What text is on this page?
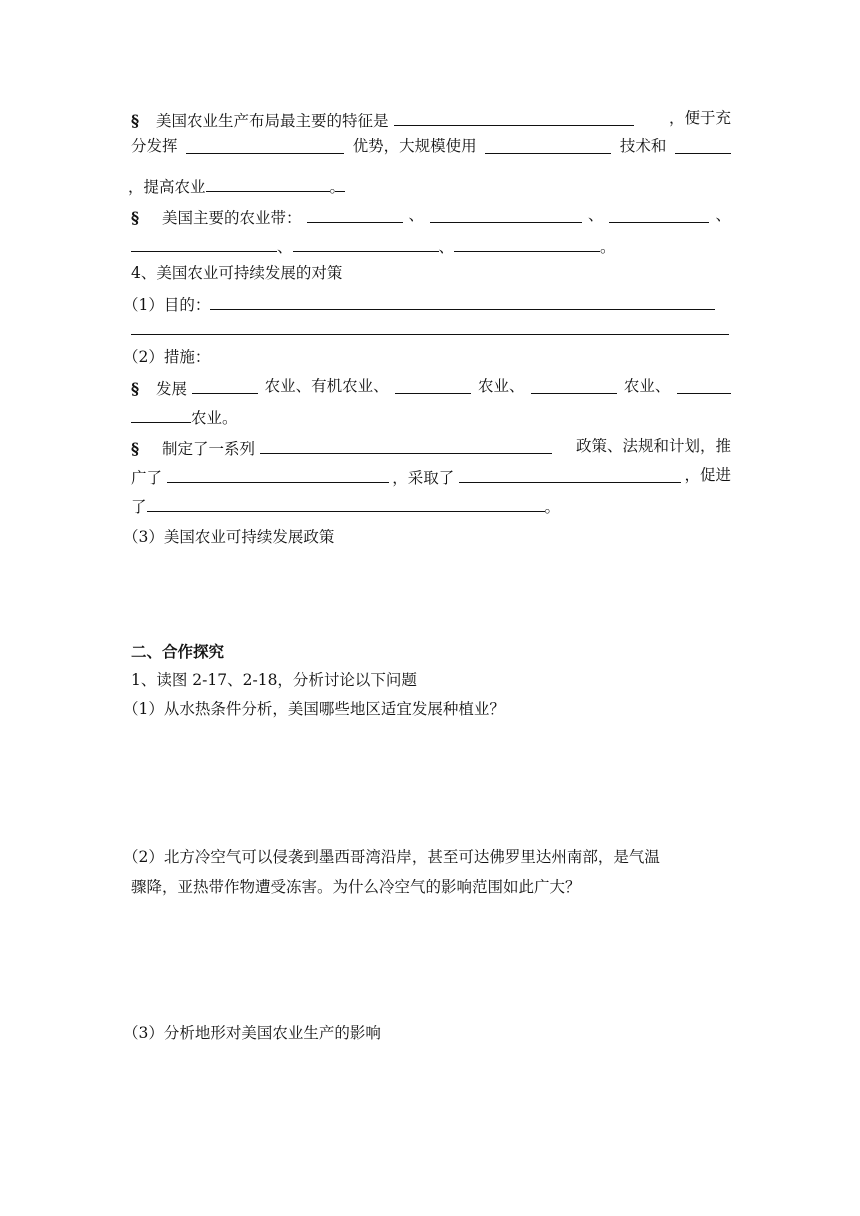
§ 美国农业生产布局最主要的特征是	，便于充
分发挥	优势，大规模使用	技术和
，提高农业	。
§ 美国主要的农业带：	、	、	、
、	、	。
4、美国农业可持续发展的对策
（1）目的：
（2）措施：
§ 发展	农业、有机农业、	农业、	农业、
农业。
§ 制定了一系列	政策、法规和计划，推
广了	，采取了	，促进
了	。
（3）美国农业可持续发展政策
二、合作探究
1、读图 2-17、2-18，分析讨论以下问题
（1）从水热条件分析，美国哪些地区适宜发展种植业？
（2）北方冷空气可以侵袭到墨西哥湾沿岸，甚至可达佛罗里达州南部，是气温
骤降，亚热带作物遭受冻害。为什么冷空气的影响范围如此广大？
（3）分析地形对美国农业生产的影响
